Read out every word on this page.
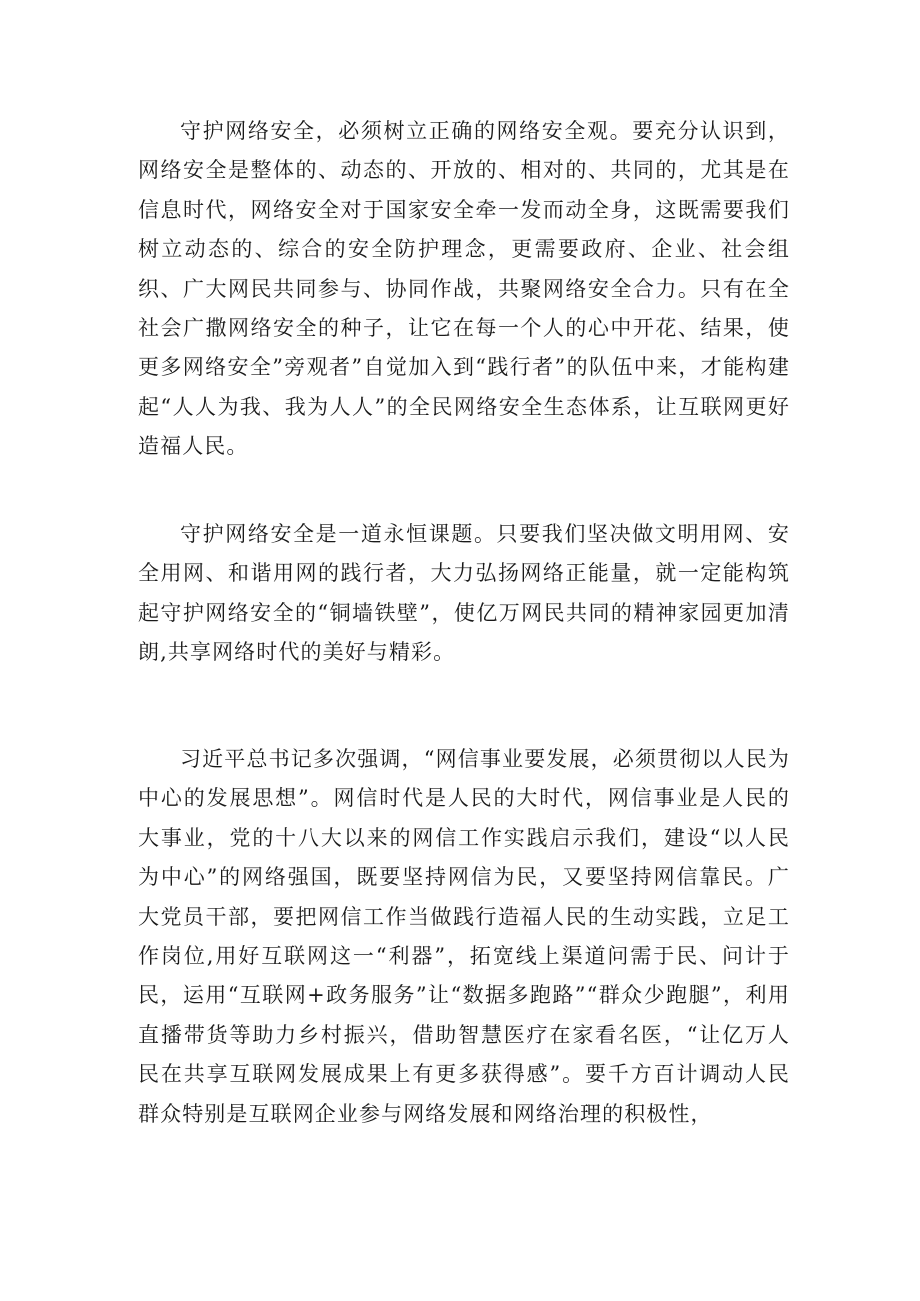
守护网络安全，必须树立正确的网络安全观。要充分认识到，网络安全是整体的、动态的、开放的、相对的、共同的，尤其是在信息时代，网络安全对于国家安全牵一发而动全身，这既需要我们树立动态的、综合的安全防护理念，更需要政府、企业、社会组织、广大网民共同参与、协同作战，共聚网络安全合力。只有在全社会广撒网络安全的种子，让它在每一个人的心中开花、结果，使更多网络安全”旁观者”自觉加入到“践行者”的队伍中来，才能构建起“人人为我、我为人人”的全民网络安全生态体系，让互联网更好造福人民。

守护网络安全是一道永恒课题。只要我们坚决做文明用网、安全用网、和谐用网的践行者，大力弘扬网络正能量，就一定能构筑起守护网络安全的“铜墙铁壁”，使亿万网民共同的精神家园更加清朗,共享网络时代的美好与精彩。

习近平总书记多次强调，“网信事业要发展，必须贯彻以人民为中心的发展思想”。网信时代是人民的大时代，网信事业是人民的大事业，党的十八大以来的网信工作实践启示我们，建设“以人民为中心”的网络强国，既要坚持网信为民，又要坚持网信靠民。广大党员干部，要把网信工作当做践行造福人民的生动实践，立足工作岗位,用好互联网这一“利器”，拓宽线上渠道问需于民、问计于民，运用“互联网+政务服务”让“数据多跑路”“群众少跑腿”，利用直播带货等助力乡村振兴，借助智慧医疗在家看名医，“让亿万人民在共享互联网发展成果上有更多获得感”。要千方百计调动人民群众特别是互联网企业参与网络发展和网络治理的积极性，
